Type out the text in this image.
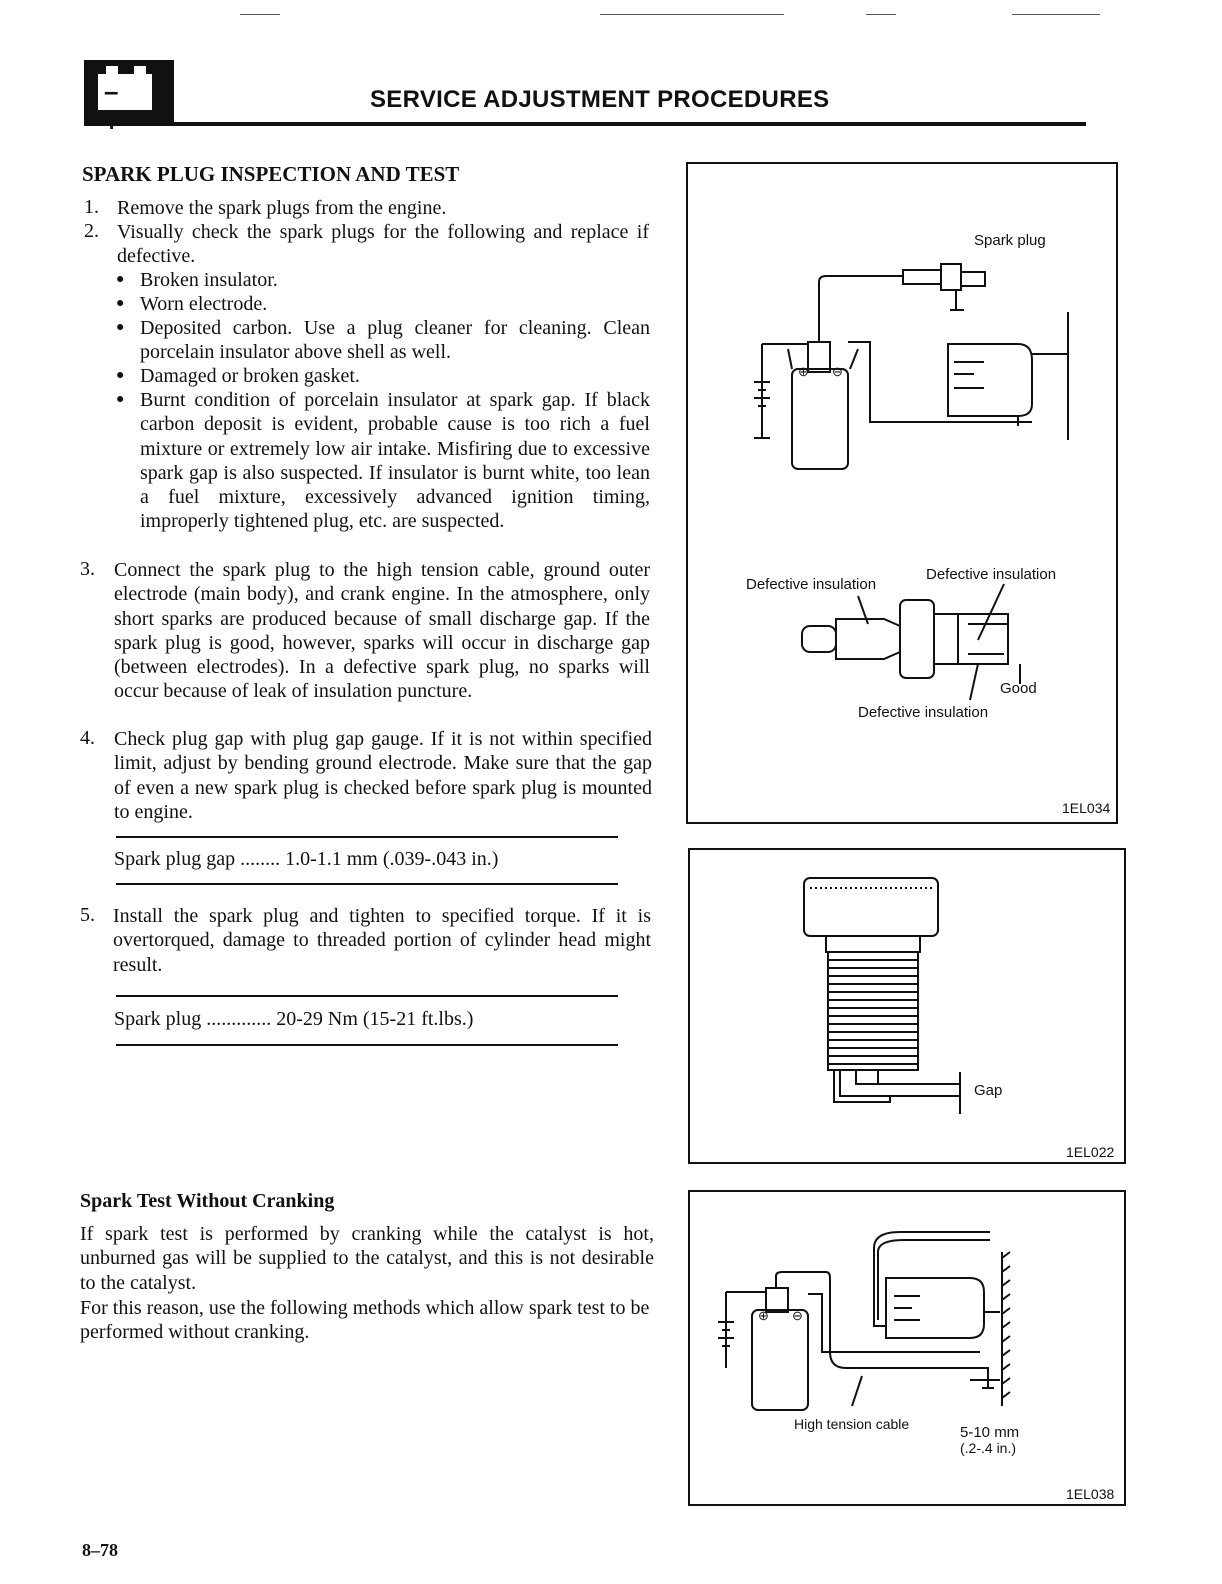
–	SERVICE ADJUSTMENT PROCEDURES
SPARK PLUG INSPECTION AND TEST
1. Remove the spark plugs from the engine.
2. Visually check the spark plugs for the following and replace if defective.
● Broken insulator.
● Worn electrode.
● Deposited carbon. Use a plug cleaner for cleaning. Clean porcelain insulator above shell as well.
● Damaged or broken gasket.
● Burnt condition of porcelain insulator at spark gap. If black carbon deposit is evident, probable cause is too rich a fuel mixture or extremely low air intake. Misfiring due to excessive spark gap is also suspected. If insulator is burnt white, too lean a fuel mixture, excessively advanced ignition timing, improperly tightened plug, etc. are suspected.
3. Connect the spark plug to the high tension cable, ground outer electrode (main body), and crank engine. In the atmosphere, only short sparks are produced because of small discharge gap. If the spark plug is good, however, sparks will occur in discharge gap (between electrodes). In a defective spark plug, no sparks will occur because of leak of insulation puncture.
4. Check plug gap with plug gap gauge. If it is not within specified limit, adjust by bending ground electrode. Make sure that the gap of even a new spark plug is checked before spark plug is mounted to engine.
Spark plug gap ........ 1.0-1.1 mm (.039-.043 in.)
5. Install the spark plug and tighten to specified torque. If it is overtorqued, damage to threaded portion of cylinder head might result.
Spark plug ............. 20-29 Nm (15-21 ft.lbs.)
Spark Test Without Cranking
If spark test is performed by cranking while the catalyst is hot, unburned gas will be supplied to the catalyst, and this is not desirable to the catalyst.
For this reason, use the following methods which allow spark test to be performed without cranking.
Spark plug
⊕ ⊖
Defective insulation
Defective insulation
Good
Defective insulation
1EL034
Gap
1EL022
⊕ ⊖
High tension cable	5-10 mm
(.2-.4 in.)
1EL038
8–78
